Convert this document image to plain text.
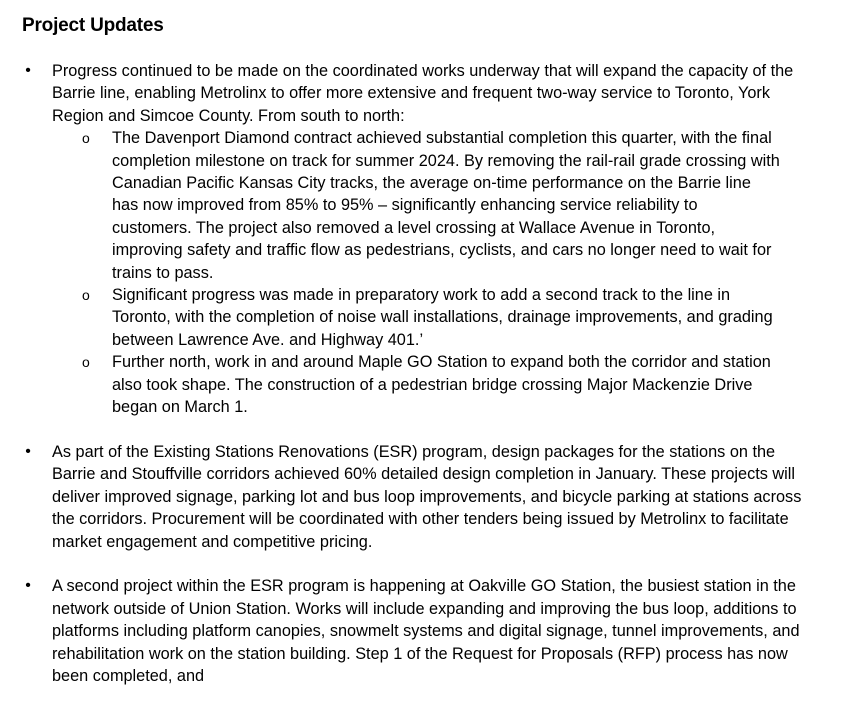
Project Updates
• Progress continued to be made on the coordinated works underway that will expand the capacity of the Barrie line, enabling Metrolinx to offer more extensive and frequent two-way service to Toronto, York Region and Simcoe County. From south to north:
o The Davenport Diamond contract achieved substantial completion this quarter, with the final completion milestone on track for summer 2024. By removing the rail-rail grade crossing with Canadian Pacific Kansas City tracks, the average on-time performance on the Barrie line has now improved from 85% to 95% – significantly enhancing service reliability to customers. The project also removed a level crossing at Wallace Avenue in Toronto, improving safety and traffic flow as pedestrians, cyclists, and cars no longer need to wait for trains to pass.
o Significant progress was made in preparatory work to add a second track to the line in Toronto, with the completion of noise wall installations, drainage improvements, and grading between Lawrence Ave. and Highway 401.’
o Further north, work in and around Maple GO Station to expand both the corridor and station also took shape. The construction of a pedestrian bridge crossing Major Mackenzie Drive began on March 1.
• As part of the Existing Stations Renovations (ESR) program, design packages for the stations on the Barrie and Stouffville corridors achieved 60% detailed design completion in January. These projects will deliver improved signage, parking lot and bus loop improvements, and bicycle parking at stations across the corridors. Procurement will be coordinated with other tenders being issued by Metrolinx to facilitate market engagement and competitive pricing.
• A second project within the ESR program is happening at Oakville GO Station, the busiest station in the network outside of Union Station. Works will include expanding and improving the bus loop, additions to platforms including platform canopies, snowmelt systems and digital signage, tunnel improvements, and rehabilitation work on the station building. Step 1 of the Request for Proposals (RFP) process has now been completed, and
